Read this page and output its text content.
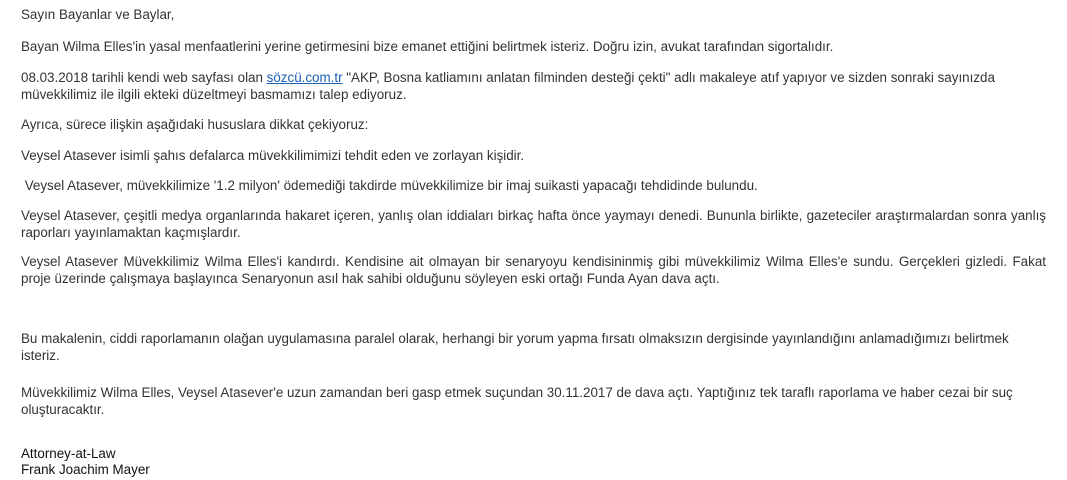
Sayın Bayanlar ve Baylar,

Bayan Wilma Elles'in yasal menfaatlerini yerine getirmesini bize emanet ettiğini belirtmek isteriz. Doğru izin, avukat tarafından sigortalıdır.

08.03.2018 tarihli kendi web sayfası olan sözcü.com.tr "AKP, Bosna katliamını anlatan filminden desteği çekti" adlı makaleye atıf yapıyor ve sizden sonraki sayınızda müvekkilimiz ile ilgili ekteki düzeltmeyi basmamızı talep ediyoruz.

Ayrıca, sürece ilişkin aşağıdaki hususlara dikkat çekiyoruz:

Veysel Atasever isimli şahıs defalarca müvekkilimimizi tehdit eden ve zorlayan kişidir.

Veysel Atasever, müvekkilimize '1.2 milyon' ödemediği takdirde müvekkilimize bir imaj suikasti yapacağı tehdidinde bulundu.

Veysel Atasever, çeşitli medya organlarında hakaret içeren, yanlış olan iddiaları birkaç hafta önce yaymayı denedi. Bununla birlikte, gazeteciler araştırmalardan sonra yanlış raporları yayınlamaktan kaçmışlardır.

Veysel Atasever Müvekkilimiz Wilma Elles'i kandırdı. Kendisine ait olmayan bir senaryoyu kendisininmiş gibi müvekkilimiz Wilma Elles'e sundu. Gerçekleri gizledi. Fakat proje üzerinde çalışmaya başlayınca Senaryonun asıl hak sahibi olduğunu söyleyen eski ortağı Funda Ayan dava açtı.

Bu makalenin, ciddi raporlamanın olağan uygulamasına paralel olarak, herhangi bir yorum yapma fırsatı olmaksızın dergisinde yayınlandığını anlamadığımızı belirtmek isteriz.

Müvekkilimiz Wilma Elles, Veysel Atasever'e uzun zamandan beri gasp etmek suçundan 30.11.2017 de dava açtı. Yaptığınız tek taraflı raporlama ve haber cezai bir suç oluşturacaktır.

Attorney-at-Law

Frank Joachim Mayer
